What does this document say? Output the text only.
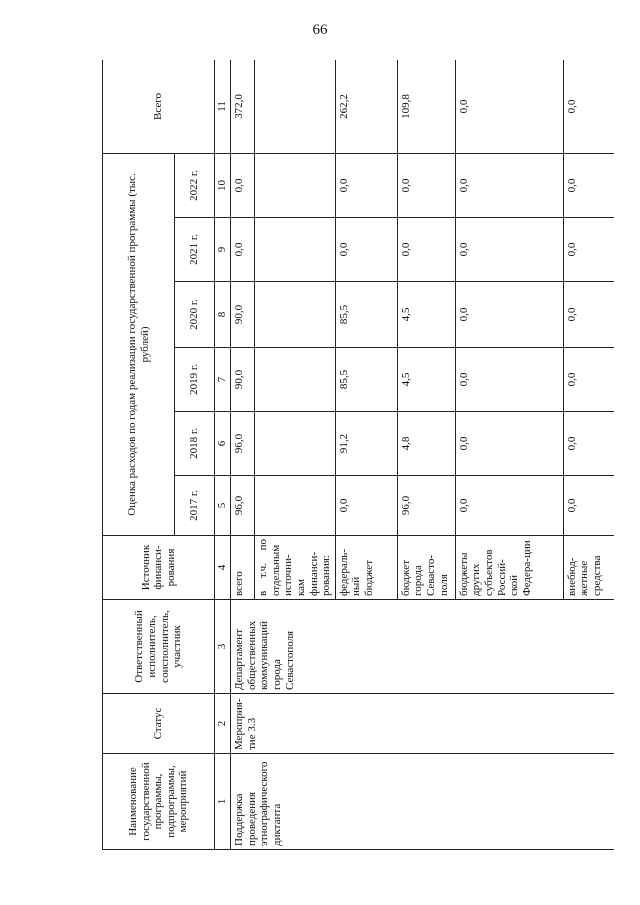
66
Наименование государственной программы, подпрограммы, мероприятий	Статус	Ответственный исполнитель, соисполнитель, участник	Источник финанси-рования	Оценка расходов по годам реализации государственной программы (тыс. рублей)						Всего
				2017 г.	2018 г.	2019 г.	2020 г.	2021 г.	2022 г.	
1	2	3	4	5	6	7	8	9	10	11
Поддержка проведения этнографического диктанта	Мероприя-тие 3.3	Департамент общественных коммуникаций города Севастополя	всего	96,0	96,0	90,0	90,0	0,0	0,0	372,0
			в т.ч. по отдельным источни-кам финанси-рования:							
			федераль-ный бюджет	0,0	91,2	85,5	85,5	0,0	0,0	262,2
			бюджет города Севасто-поля	96,0	4,8	4,5	4,5	0,0	0,0	109,8
			бюджеты других субъектов Россий-ской Федера-ции	0,0	0,0	0,0	0,0	0,0	0,0	0,0
			внебюд-жетные средства	0,0	0,0	0,0	0,0	0,0	0,0	0,0
